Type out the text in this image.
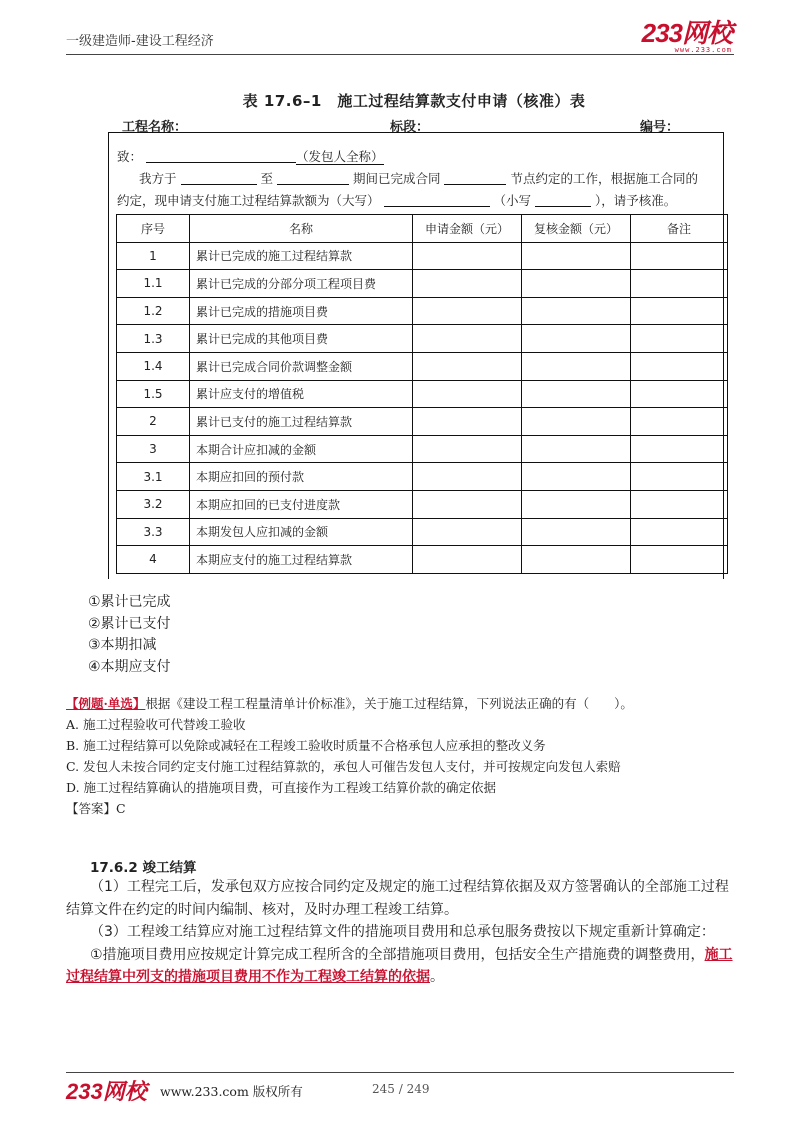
一级建造师-建设工程经济	233网校
www.233.com
表 17.6–1　施工过程结算款支付申请（核准）表
工程名称：	标段：	编号：
致：	（发包人全称）
我方于	至	期间已完成合同	节点约定的工作，根据施工合同的
约定，现申请支付施工过程结算款额为（大写）	（小写	），请予核准。
序号	名称	申请金额（元）	复核金额（元）	备注
1	累计已完成的施工过程结算款			
1.1	累计已完成的分部分项工程项目费			
1.2	累计已完成的措施项目费			
1.3	累计已完成的其他项目费			
1.4	累计已完成合同价款调整金额			
1.5	累计应支付的增值税			
2	累计已支付的施工过程结算款			
3	本期合计应扣减的金额			
3.1	本期应扣回的预付款			
3.2	本期应扣回的已支付进度款			
3.3	本期发包人应扣减的金额			
4	本期应支付的施工过程结算款			
①累计已完成
②累计已支付
③本期扣减
④本期应支付

【例题·单选】根据《建设工程工程量清单计价标准》，关于施工过程结算，下列说法正确的有（　　）。

A. 施工过程验收可代替竣工验收

B. 施工过程结算可以免除或减轻在工程竣工验收时质量不合格承包人应承担的整改义务

C. 发包人未按合同约定支付施工过程结算款的，承包人可催告发包人支付，并可按规定向发包人索赔

D. 施工过程结算确认的措施项目费，可直接作为工程竣工结算价款的确定依据

【答案】C

17.6.2 竣工结算

（1）工程完工后，发承包双方应按合同约定及规定的施工过程结算依据及双方签署确认的全部施工过程结算文件在约定的时间内编制、核对，及时办理工程竣工结算。

（3）工程竣工结算应对施工过程结算文件的措施项目费用和总承包服务费按以下规定重新计算确定：

①措施项目费用应按规定计算完成工程所含的全部措施项目费用，包括安全生产措施费的调整费用，施工过程结算中列支的措施项目费用不作为工程竣工结算的依据。

233网校 www.233.com 版权所有	245 / 249
